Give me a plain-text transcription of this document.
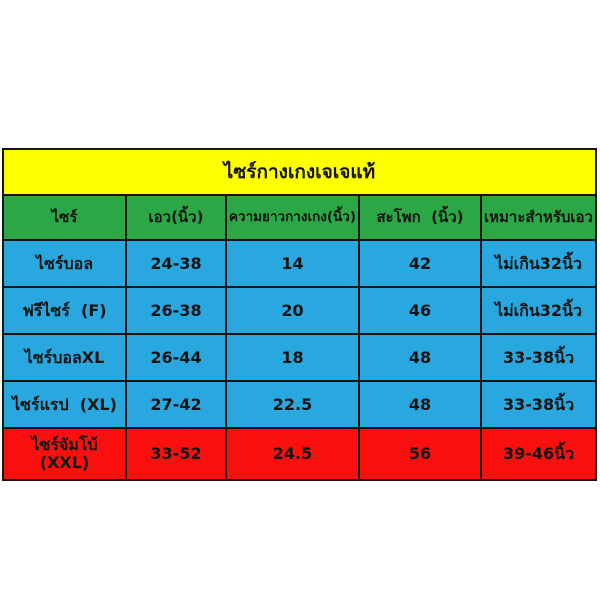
ไซร์กางเกงเจเจแท้
ไซร์	เอว(นิ้ว)	ความยาวกางเกง(นิ้ว)	สะโพก  (นิ้ว)	เหมาะสำหรับเอว
ไซร์บอล	24-38	14	42	ไม่เกิน32นิ้ว
ฟรีไซร์  (F)	26-38	20	46	ไม่เกิน32นิ้ว
ไซร์บอลXL	26-44	18	48	33-38นิ้ว
ไซร์แรป  (XL)	27-42	22.5	48	33-38นิ้ว
ไซร์จัมโบ้  (XXL)	33-52	24.5	56	39-46นิ้ว
